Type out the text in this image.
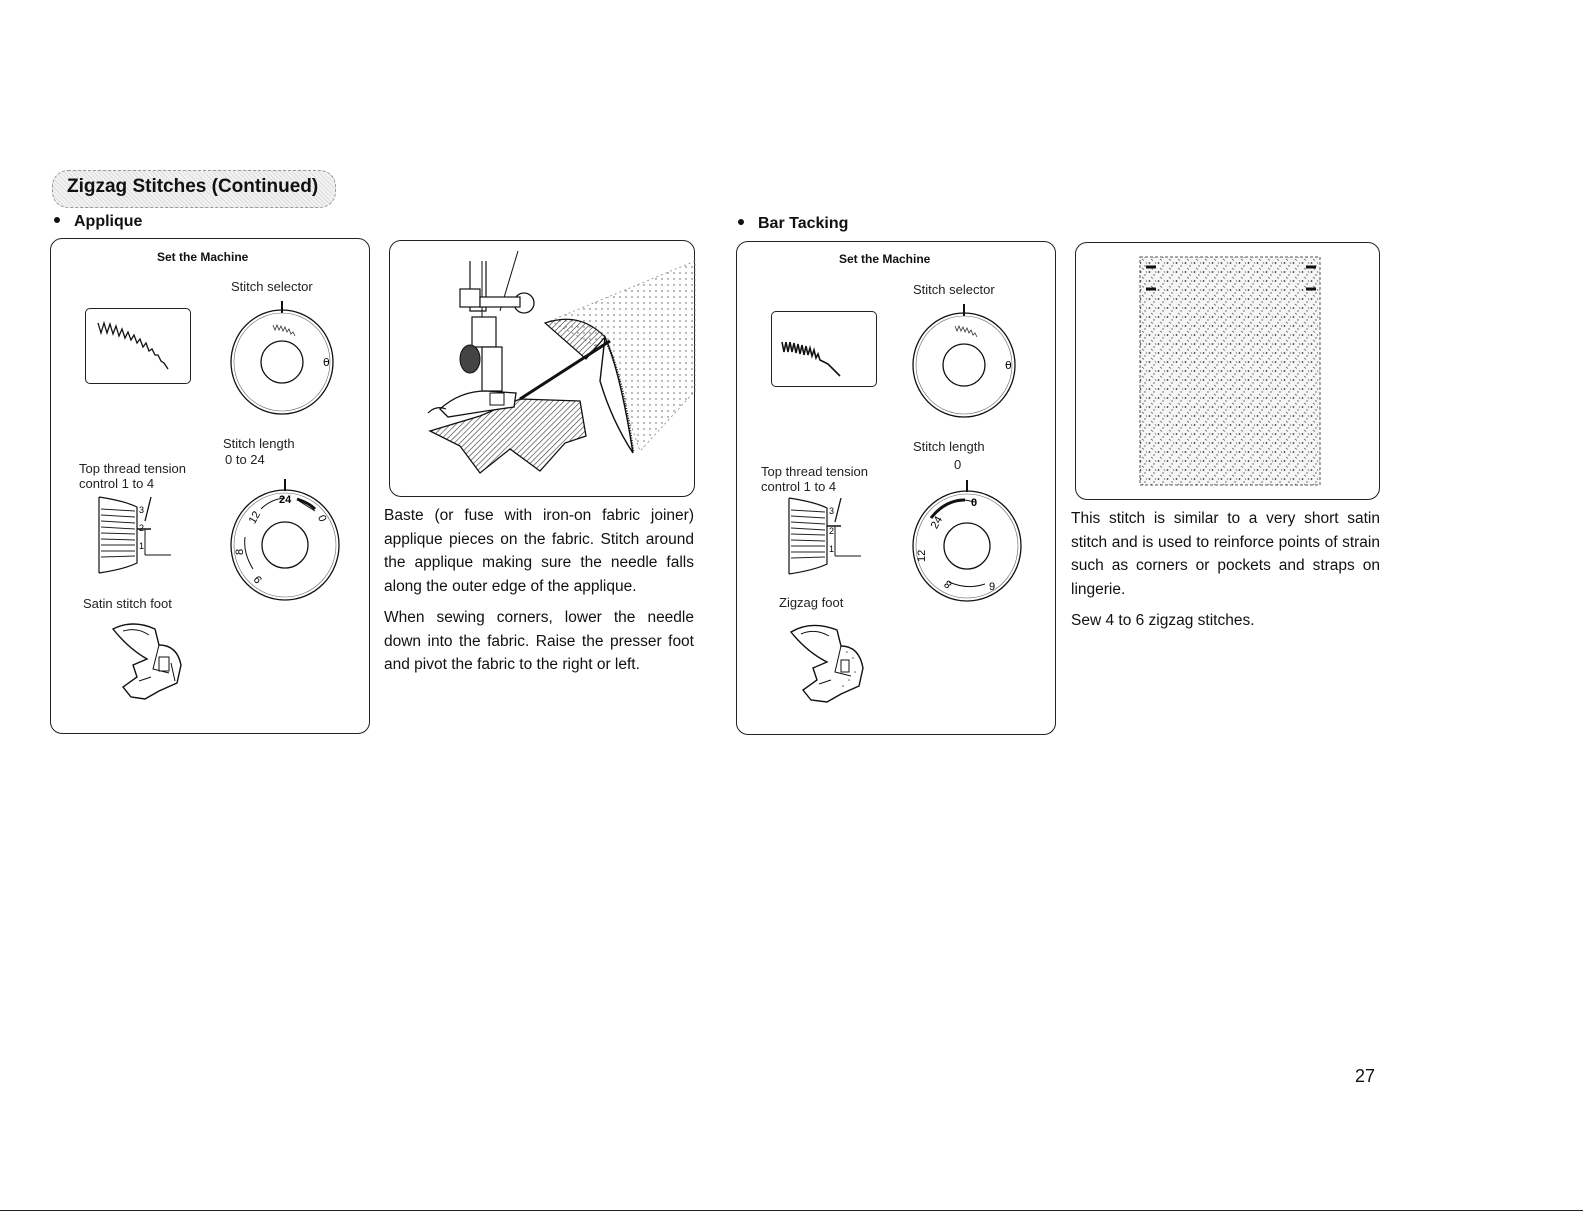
Zigzag Stitches (Continued)
Applique
Set the Machine
Stitch selector
θ
Stitch length
0 to 24
Top thread tension
control 1 to 4
3
2
1
24
12
8
9
0
Satin stitch foot

Baste (or fuse with iron-on fabric joiner) applique pieces on the fabric. Stitch around the applique making sure the needle falls along the outer edge of the applique.

When sewing corners, lower the needle down into the fabric. Raise the presser foot and pivot the fabric to the right or left.

Bar Tacking
Set the Machine
Stitch selector
θ
Stitch length
0
Top thread tension
control 1 to 4
3
2
1
0
24
12
8	9
Zigzag foot

This stitch is similar to a very short satin stitch and is used to reinforce points of strain such as corners or pockets and straps on lingerie.

Sew 4 to 6 zigzag stitches.

27
